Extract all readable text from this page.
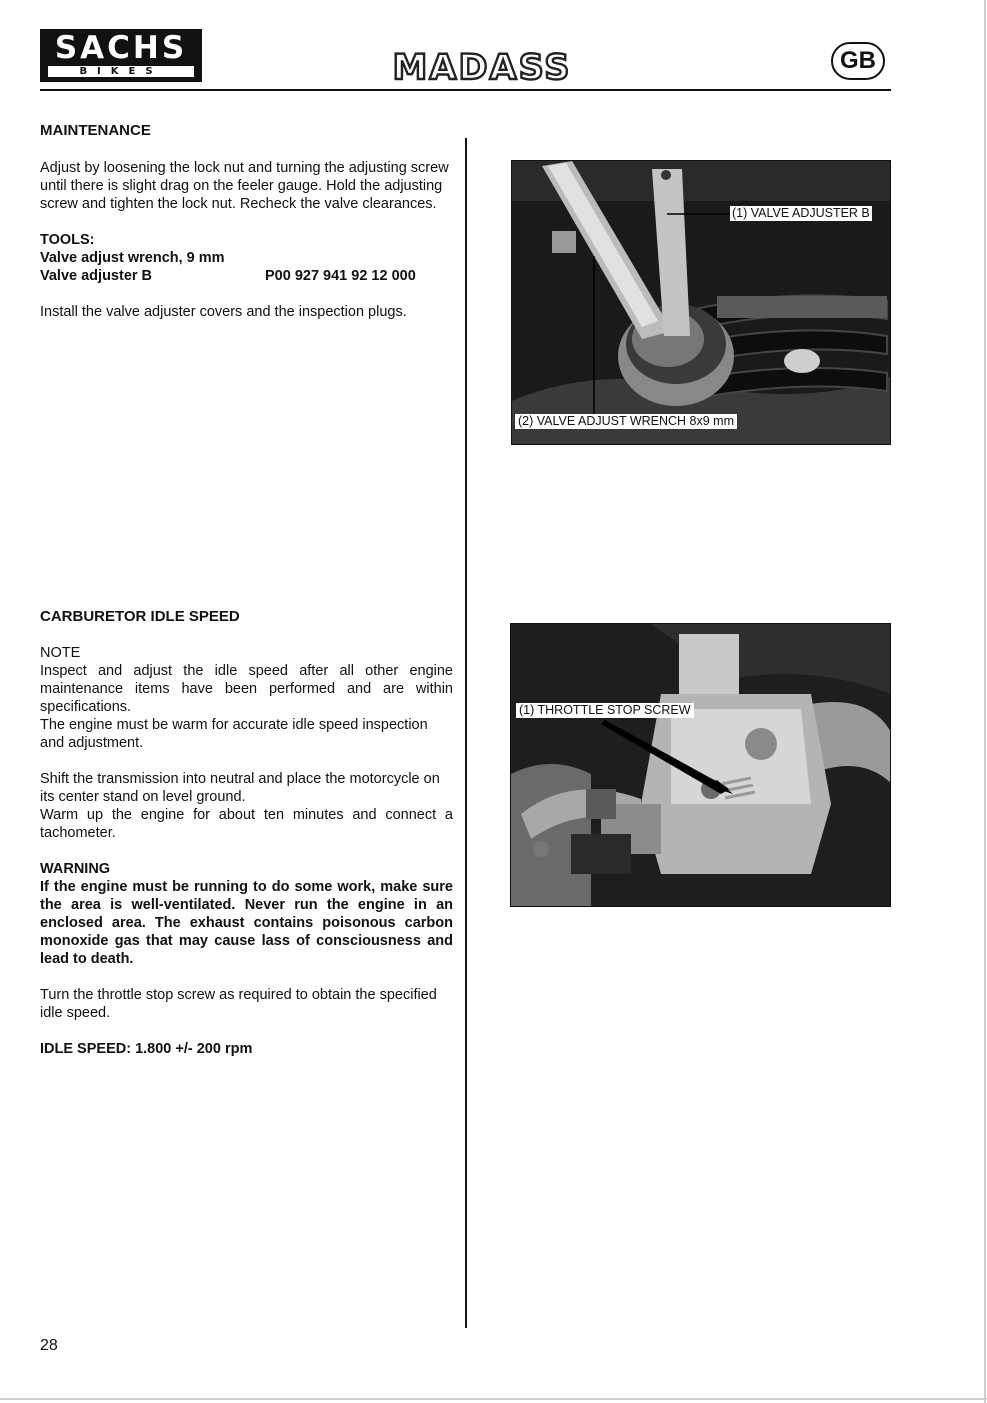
SACHS
BIKES	MADASS	GB
MAINTENANCE

Adjust by loosening the lock nut and turning the adjusting screw until there is slight drag on the feeler gauge. Hold the adjusting screw and tighten the lock nut. Recheck the valve clearances.

TOOLS:
Valve adjust wrench, 9 mm
Valve adjuster B	P00 927 941 92 12 000

Install the valve adjuster covers and the inspection plugs.

(1) VALVE ADJUSTER B
(2) VALVE ADJUST WRENCH 8x9 mm
CARBURETOR IDLE SPEED

NOTE

Inspect and adjust the idle speed after all other engine maintenance items have been performed and are within specifications.

The engine must be warm for accurate idle speed inspection and adjustment.

Shift the transmission into neutral and place the motorcycle on its center stand on level ground.

Warm up the engine for about ten minutes and connect a tachometer.

WARNING

If the engine must be running to do some work, make sure the area is well-ventilated. Never run the engine in an enclosed area. The exhaust contains poisonous carbon monoxide gas that may cause lass of consciousness and lead to death.

Turn the throttle stop screw as required to obtain the specified idle speed.

IDLE SPEED: 1.800 +/- 200 rpm

(1) THROTTLE STOP SCREW
28
